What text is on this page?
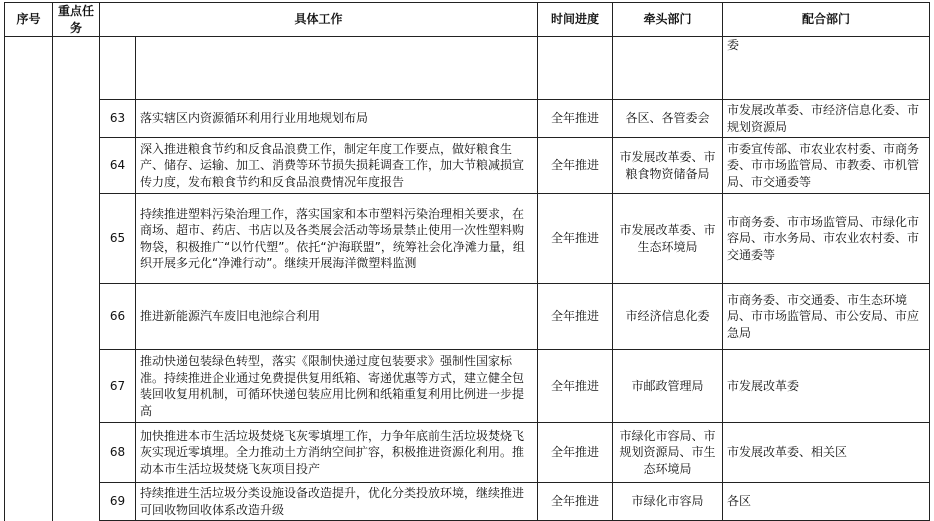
序号	重点任务	具体工作		时间进度	牵头部门	配合部门
						委
		63	落实辖区内资源循环利用行业用地规划布局	全年推进	各区、各管委会	市发展改革委、市经济信息化委、市规划资源局
		64	深入推进粮食节约和反食品浪费工作，制定年度工作要点，做好粮食生产、储存、运输、加工、消费等环节损失损耗调查工作，加大节粮减损宣传力度，发布粮食节约和反食品浪费情况年度报告	全年推进	市发展改革委、市粮食物资储备局	市委宣传部、市农业农村委、市商务委、市市场监管局、市教委、市机管局、市交通委等
		65	持续推进塑料污染治理工作，落实国家和本市塑料污染治理相关要求，在商场、超市、药店、书店以及各类展会活动等场景禁止使用一次性塑料购物袋，积极推广“以竹代塑”。依托“沪海联盟”，统筹社会化净滩力量，组织开展多元化“净滩行动”。继续开展海洋微塑料监测	全年推进	市发展改革委、市生态环境局	市商务委、市市场监管局、市绿化市容局、市水务局、市农业农村委、市交通委等
		66	推进新能源汽车废旧电池综合利用	全年推进	市经济信息化委	市商务委、市交通委、市生态环境局、市市场监管局、市公安局、市应急局
		67	推动快递包装绿色转型，落实《限制快递过度包装要求》强制性国家标准。持续推进企业通过免费提供复用纸箱、寄递优惠等方式，建立健全包装回收复用机制，可循环快递包装应用比例和纸箱重复利用比例进一步提高	全年推进	市邮政管理局	市发展改革委
		68	加快推进本市生活垃圾焚烧飞灰零填埋工作，力争年底前生活垃圾焚烧飞灰实现近零填埋。全力推动土方消纳空间扩容，积极推进资源化利用。推动本市生活垃圾焚烧飞灰项目投产	全年推进	市绿化市容局、市规划资源局、市生态环境局	市发展改革委、相关区
		69	持续推进生活垃圾分类设施设备改造提升，优化分类投放环境，继续推进可回收物回收体系改造升级	全年推进	市绿化市容局	各区
